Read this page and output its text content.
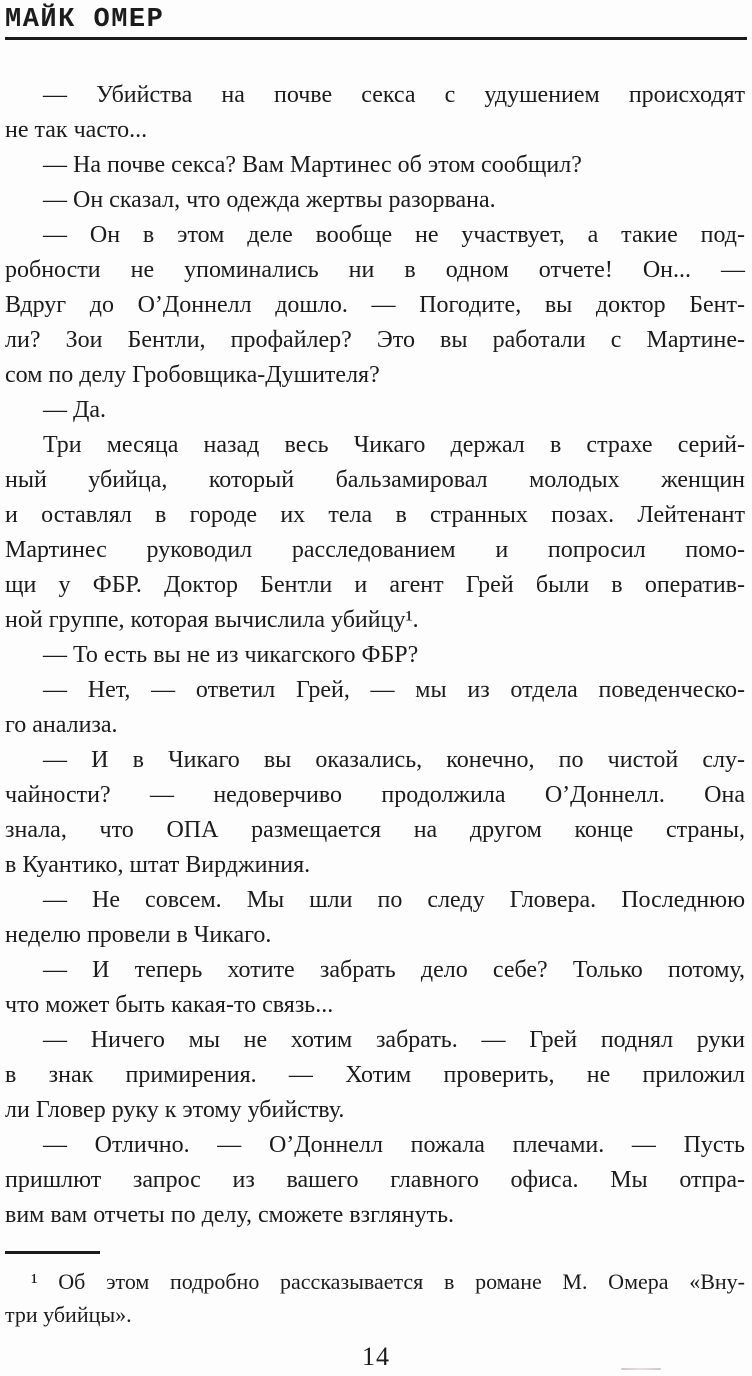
МАЙК ОМЕР

— Убийства на почве секса с удушением происходят
не так часто...

— На почве секса? Вам Мартинес об этом сообщил?

— Он сказал, что одежда жертвы разорвана.

— Он в этом деле вообще не участвует, а такие под-
робности не упоминались ни в одном отчете! Он... —
Вдруг до О’Доннелл дошло. — Погодите, вы доктор Бент-
ли? Зои Бентли, профайлер? Это вы работали с Мартине-
сом по делу Гробовщика-Душителя?

— Да.

Три месяца назад весь Чикаго держал в страхе серий-
ный убийца, который бальзамировал молодых женщин
и оставлял в городе их тела в странных позах. Лейтенант
Мартинес руководил расследованием и попросил помо-
щи у ФБР. Доктор Бентли и агент Грей были в оператив-
ной группе, которая вычислила убийцу¹.

— То есть вы не из чикагского ФБР?

— Нет, — ответил Грей, — мы из отдела поведенческо-
го анализа.

— И в Чикаго вы оказались, конечно, по чистой слу-
чайности? — недоверчиво продолжила О’Доннелл. Она
знала, что ОПА размещается на другом конце страны,
в Куантико, штат Вирджиния.

— Не совсем. Мы шли по следу Гловера. Последнюю
неделю провели в Чикаго.

— И теперь хотите забрать дело себе? Только потому,
что может быть какая-то связь...

— Ничего мы не хотим забрать. — Грей поднял руки
в знак примирения. — Хотим проверить, не приложил
ли Гловер руку к этому убийству.

— Отлично. — О’Доннелл пожала плечами. — Пусть
пришлют запрос из вашего главного офиса. Мы отпра-
вим вам отчеты по делу, сможете взглянуть.

¹ Об этом подробно рассказывается в романе М. Омера «Вну-
три убийцы».
14
